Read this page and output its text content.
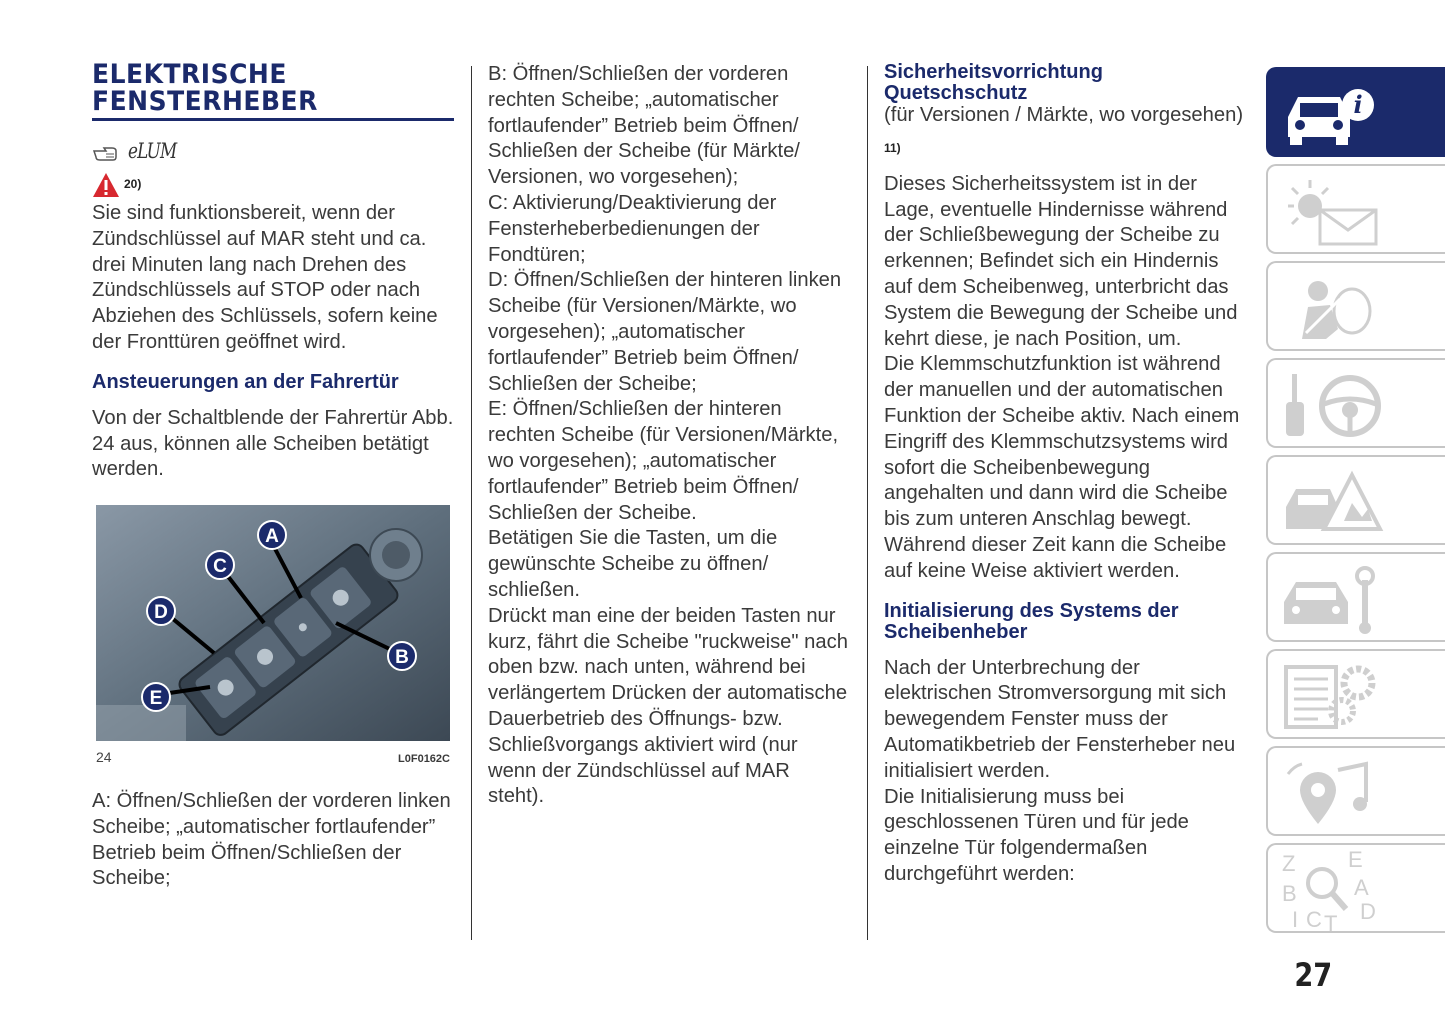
ELEKTRISCHE
FENSTERHEBER
eLUM
20)

Sie sind funktionsbereit, wenn der Zündschlüssel auf MAR steht und ca. drei Minuten lang nach Drehen des Zündschlüssels auf STOP oder nach Abziehen des Schlüssels, sofern keine der Fronttüren geöffnet wird.

Ansteuerungen an der Fahrertür

Von der Schaltblende der Fahrertür Abb. 24 aus, können alle Scheiben betätigt werden.

A
B
C
D
E
24	L0F0162C

A: Öffnen/Schließen der vorderen linken Scheibe; „automatischer fortlaufender” Betrieb beim Öffnen/Schließen der Scheibe;

B: Öffnen/Schließen der vorderen rechten Scheibe; „automatischer fortlaufender” Betrieb beim Öffnen/ Schließen der Scheibe (für Märkte/ Versionen, wo vorgesehen);

C: Aktivierung/Deaktivierung der Fensterheberbedienungen der Fondtüren;

D: Öffnen/Schließen der hinteren linken Scheibe (für Versionen/Märkte, wo vorgesehen); „automatischer fortlaufender” Betrieb beim Öffnen/ Schließen der Scheibe;

E: Öffnen/Schließen der hinteren rechten Scheibe (für Versionen/Märkte, wo vorgesehen); „automatischer fortlaufender” Betrieb beim Öffnen/ Schließen der Scheibe.

Betätigen Sie die Tasten, um die gewünschte Scheibe zu öffnen/ schließen.

Drückt man eine der beiden Tasten nur kurz, fährt die Scheibe "ruckweise" nach oben bzw. nach unten, während bei verlängertem Drücken der automatische Dauerbetrieb des Öffnungs- bzw. Schließvorgangs aktiviert wird (nur wenn der Zündschlüssel auf MAR steht).

Sicherheitsvorrichtung
Quetschschutz

(für Versionen / Märkte, wo vorgesehen)

11)

Dieses Sicherheitssystem ist in der Lage, eventuelle Hindernisse während der Schließbewegung der Scheibe zu erkennen; Befindet sich ein Hindernis auf dem Scheibenweg, unterbricht das System die Bewegung der Scheibe und kehrt diese, je nach Position, um.

Die Klemmschutzfunktion ist während der manuellen und der automatischen Funktion der Scheibe aktiv. Nach einem Eingriff des Klemmschutzsystems wird sofort die Scheibenbewegung angehalten und dann wird die Scheibe bis zum unteren Anschlag bewegt. Während dieser Zeit kann die Scheibe auf keine Weise aktiviert werden.

Initialisierung des Systems der
Scheibenheber

Nach der Unterbrechung der elektrischen Stromversorgung mit sich bewegendem Fenster muss der Automatikbetrieb der Fensterheber neu initialisiert werden.

Die Initialisierung muss bei geschlossenen Türen und für jede einzelne Tür folgendermaßen durchgeführt werden:

i
Z E
B	A
I C T D
27
